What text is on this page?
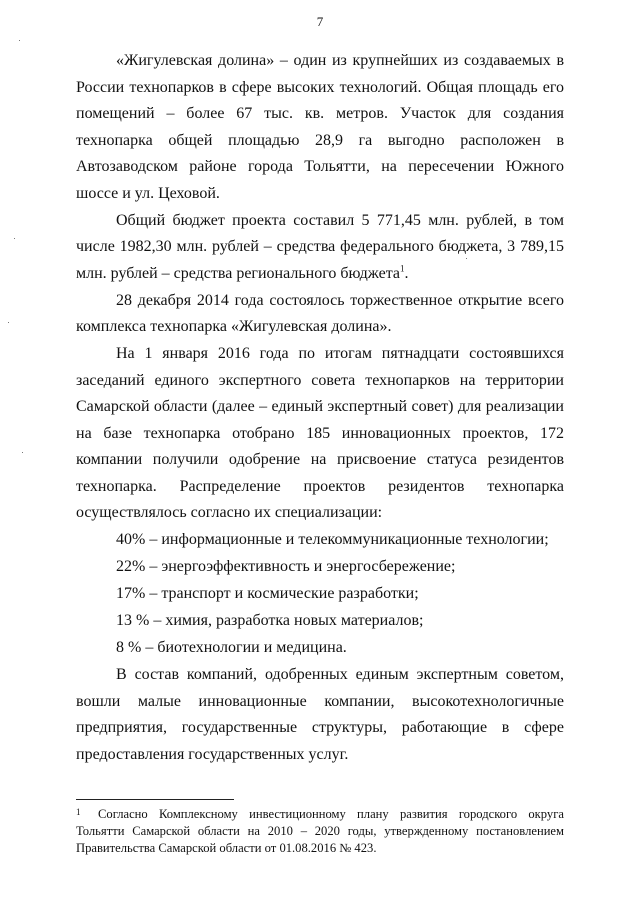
7

«Жигулевская долина» – один из крупнейших из создаваемых в России технопарков в сфере высоких технологий. Общая площадь его помещений – более 67 тыс. кв. метров. Участок для создания технопарка общей площадью 28,9 га выгодно расположен в Автозаводском районе города Тольятти, на пересечении Южного шоссе и ул. Цеховой.

Общий бюджет проекта составил 5 771,45 млн. рублей, в том числе 1982,30 млн. рублей – средства федерального бюджета, 3 789,15 млн. рублей – средства регионального бюджета$^1$.

28 декабря 2014 года состоялось торжественное открытие всего комплекса технопарка «Жигулевская долина».

На 1 января 2016 года по итогам пятнадцати состоявшихся заседаний единого экспертного совета технопарков на территории Самарской области (далее – единый экспертный совет) для реализации на базе технопарка отобрано 185 инновационных проектов, 172 компании получили одобрение на присвоение статуса резидентов технопарка. Распределение проектов резидентов технопарка осуществлялось согласно их специализации:

40% – информационные и телекоммуникационные технологии;

22% – энергоэффективность и энергосбережение;

17% – транспорт и космические разработки;

13 % – химия, разработка новых материалов;

8 % – биотехнологии и медицина.

В состав компаний, одобренных единым экспертным советом, вошли малые инновационные компании, высокотехнологичные предприятия, государственные структуры, работающие в сфере предоставления государственных услуг.

1 Согласно Комплексному инвестиционному плану развития городского округа Тольятти Самарской области на 2010 – 2020 годы, утвержденному постановлением Правительства Самарской области от 01.08.2016 № 423.
